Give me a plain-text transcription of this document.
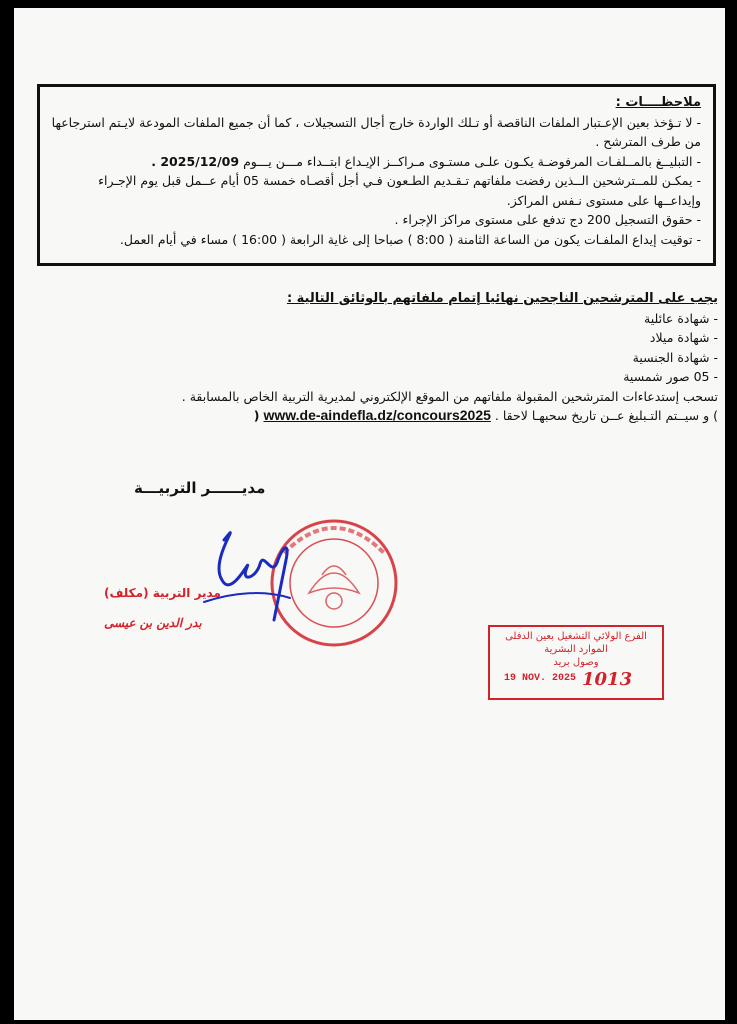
ملاحظــــات :

- لا تـؤخذ بعين الإعـتبار الملفات الناقصة أو تـلك الواردة خارج أجال التسجيلات ، كما أن جميع الملفات المودعة لايـتم استرجاعها من طرف المترشح .

- التبليــغ بالمــلفـات المرفوضـة يكـون علـى مستـوى مـراكــز الإيـداع ابتــداء مـــن يـــوم 2025/12/09 .

- يمكـن للمــترشحين الــذين رفضت ملفاتهم تـقـديم الطـعون فـي أجل أقصـاه خمسة 05 أيام عــمل قبل يوم الإجـراء وإيداعــها على مستوى نـفس المراكز.

- حقوق التسجيل 200 دج تدفع على مستوى مراكز الإجراء .

- توقيت إيداع الملفـات يكون من الساعة الثامنة ( 8:00 ) صباحا إلى غاية الرابعة ( 16:00 ) مساء في أيام العمل.

يجب على المترشحين الناجحين نهائيا إتمام ملفاتهم بالوثائق التالية :
- شهادة عائلية
- شهادة ميلاد
- شهادة الجنسية
- 05 صور شمسية
تسحب إستدعاءات المترشحين المقبولة ملفاتهم من الموقع الإلكتروني لمديرية التربية الخاص بالمسابقة .
) و سيــتم التـبليغ عــن تاريخ سحبهـا لاحقا . www.de-aindefla.dz/concours2025 (
مديــــــر التربيـــة
مدير التربية (مكلف)
بدر الدين بن عيسى
الفرع الولائي التشغيل بعين الدفلى
الموارد البشرية
وصول بريد
19 NOV. 2025 1013
